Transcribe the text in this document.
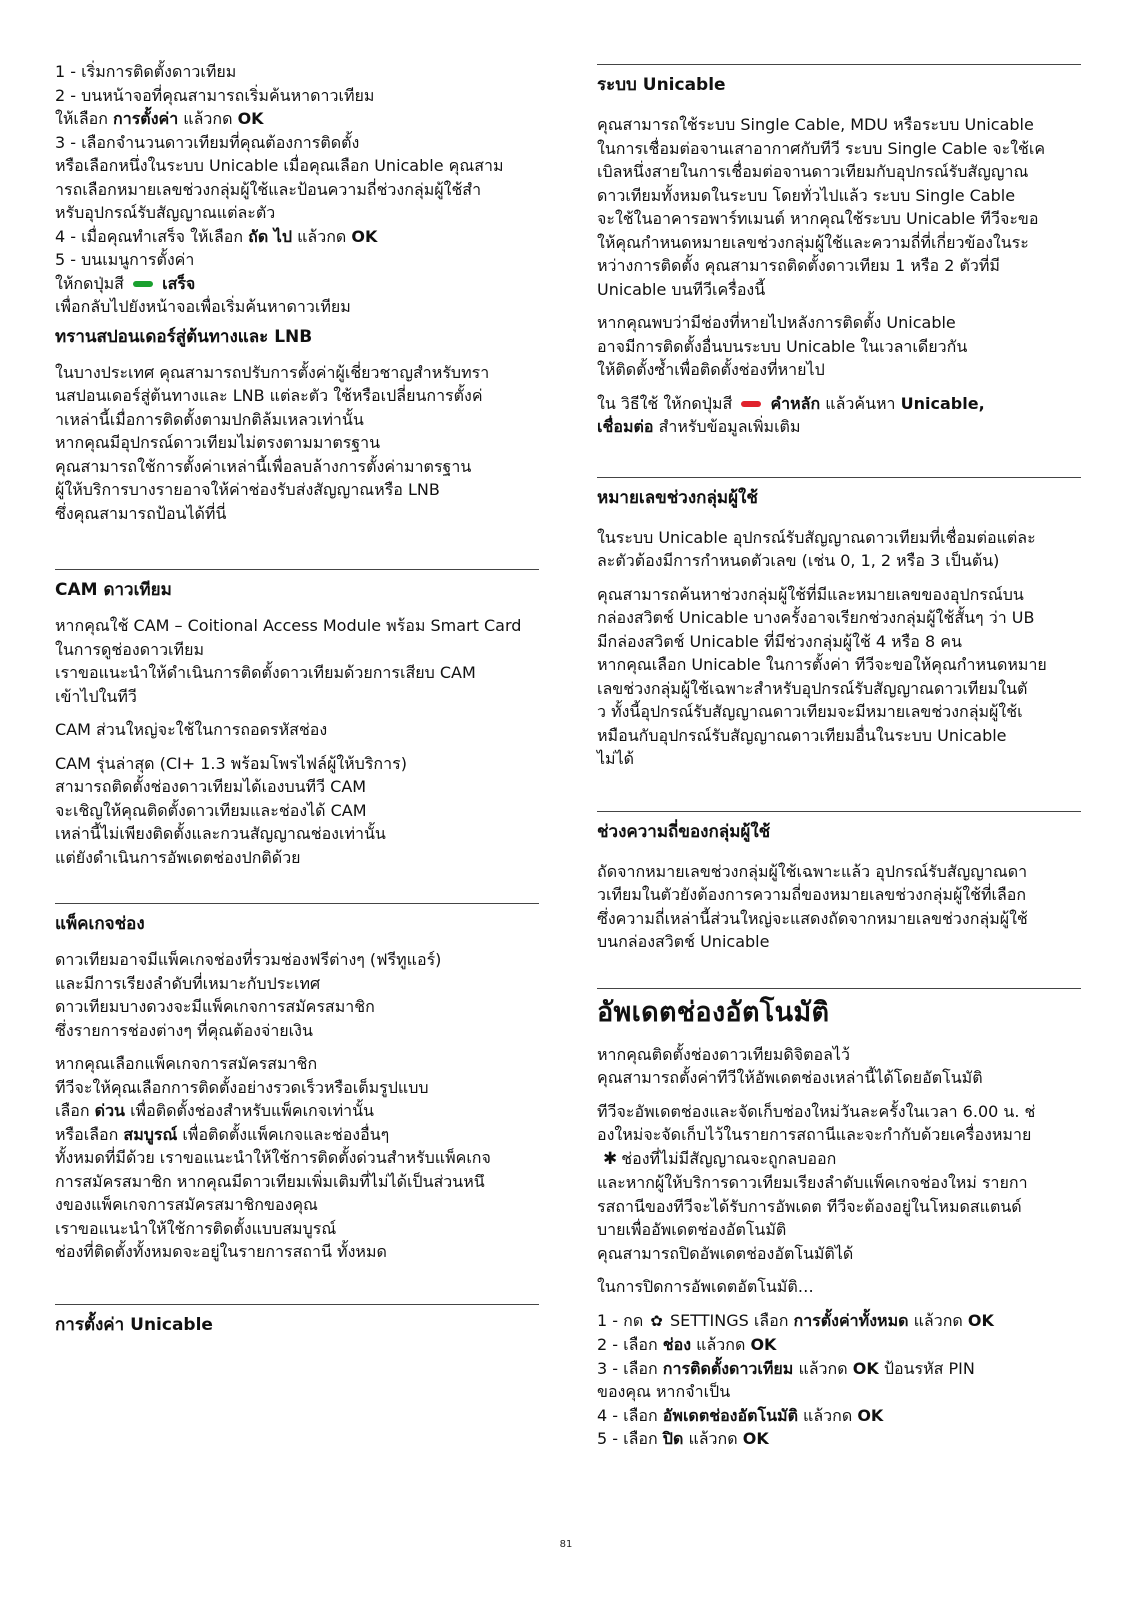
1 - เริ่มการติดตั้งดาวเทียม
2 - บนหน้าจอที่คุณสามารถเริ่มค้นหาดาวเทียม
ให้เลือก การตั้งค่า แล้วกด OK
3 - เลือกจำนวนดาวเทียมที่คุณต้องการติดตั้ง
หรือเลือกหนึ่งในระบบ Unicable เมื่อคุณเลือก Unicable คุณสาม
ารถเลือกหมายเลขช่วงกลุ่มผู้ใช้และป้อนความถี่ช่วงกลุ่มผู้ใช้สำ
หรับอุปกรณ์รับสัญญาณแต่ละตัว
4 - เมื่อคุณทำเสร็จ ให้เลือก ถัด ไป แล้วกด OK
5 - บนเมนูการตั้งค่า
ให้กดปุ่มสี เสร็จ
เพื่อกลับไปยังหน้าจอเพื่อเริ่มค้นหาดาวเทียม
ทรานสปอนเดอร์สู่ต้นทางและ LNB
ในบางประเทศ คุณสามารถปรับการตั้งค่าผู้เชี่ยวชาญสำหรับทรา
นสปอนเดอร์สู่ต้นทางและ LNB แต่ละตัว ใช้หรือเปลี่ยนการตั้งค่
าเหล่านี้เมื่อการติดตั้งตามปกติล้มเหลวเท่านั้น
หากคุณมีอุปกรณ์ดาวเทียมไม่ตรงตามมาตรฐาน
คุณสามารถใช้การตั้งค่าเหล่านี้เพื่อลบล้างการตั้งค่ามาตรฐาน
ผู้ให้บริการบางรายอาจให้ค่าช่องรับส่งสัญญาณหรือ LNB
ซึ่งคุณสามารถป้อนได้ที่นี่
CAM ดาวเทียม

หากคุณใช้ CAM – Coitional Access Module พร้อม Smart Card
ในการดูช่องดาวเทียม
เราขอแนะนำให้ดำเนินการติดตั้งดาวเทียมด้วยการเสียบ CAM
เข้าไปในทีวี

CAM ส่วนใหญ่จะใช้ในการถอดรหัสช่อง

CAM รุ่นล่าสุด (CI+ 1.3 พร้อมโพรไฟล์ผู้ให้บริการ)
สามารถติดตั้งช่องดาวเทียมได้เองบนทีวี CAM
จะเชิญให้คุณติดตั้งดาวเทียมและช่องได้ CAM
เหล่านี้ไม่เพียงติดตั้งและกวนสัญญาณช่องเท่านั้น
แต่ยังดำเนินการอัพเดตช่องปกติด้วย

แพ็คเกจช่อง

ดาวเทียมอาจมีแพ็คเกจช่องที่รวมช่องฟรีต่างๆ (ฟรีทูแอร์)
และมีการเรียงลำดับที่เหมาะกับประเทศ
ดาวเทียมบางดวงจะมีแพ็คเกจการสมัครสมาชิก
ซึ่งรายการช่องต่างๆ ที่คุณต้องจ่ายเงิน

หากคุณเลือกแพ็คเกจการสมัครสมาชิก
ทีวีจะให้คุณเลือกการติดตั้งอย่างรวดเร็วหรือเต็มรูปแบบ
เลือก ด่วน เพื่อติดตั้งช่องสำหรับแพ็คเกจเท่านั้น
หรือเลือก สมบูรณ์ เพื่อติดตั้งแพ็คเกจและช่องอื่นๆ
ทั้งหมดที่มีด้วย เราขอแนะนำให้ใช้การติดตั้งด่วนสำหรับแพ็คเกจ
การสมัครสมาชิก หากคุณมีดาวเทียมเพิ่มเติมที่ไม่ได้เป็นส่วนหนึ
งของแพ็คเกจการสมัครสมาชิกของคุณ
เราขอแนะนำให้ใช้การติดตั้งแบบสมบูรณ์
ช่องที่ติดตั้งทั้งหมดจะอยู่ในรายการสถานี ทั้งหมด

การตั้งค่า Unicable
ระบบ Unicable

คุณสามารถใช้ระบบ Single Cable, MDU หรือระบบ Unicable
ในการเชื่อมต่อจานเสาอากาศกับทีวี ระบบ Single Cable จะใช้เค
เบิลหนึ่งสายในการเชื่อมต่อจานดาวเทียมกับอุปกรณ์รับสัญญาณ
ดาวเทียมทั้งหมดในระบบ โดยทั่วไปแล้ว ระบบ Single Cable
จะใช้ในอาคารอพาร์ทเมนต์ หากคุณใช้ระบบ Unicable ทีวีจะขอ
ให้คุณกำหนดหมายเลขช่วงกลุ่มผู้ใช้และความถี่ที่เกี่ยวข้องในระ
หว่างการติดตั้ง คุณสามารถติดตั้งดาวเทียม 1 หรือ 2 ตัวที่มี
Unicable บนทีวีเครื่องนี้

หากคุณพบว่ามีช่องที่หายไปหลังการติดตั้ง Unicable
อาจมีการติดตั้งอื่นบนระบบ Unicable ในเวลาเดียวกัน
ให้ติดตั้งซ้ำเพื่อติดตั้งช่องที่หายไป

ใน วิธีใช้ ให้กดปุ่มสี คำหลัก แล้วค้นหา Unicable,
เชื่อมต่อ สำหรับข้อมูลเพิ่มเติม

หมายเลขช่วงกลุ่มผู้ใช้

ในระบบ Unicable อุปกรณ์รับสัญญาณดาวเทียมที่เชื่อมต่อแต่ละ
ละตัวต้องมีการกำหนดตัวเลข (เช่น 0, 1, 2 หรือ 3 เป็นต้น)

คุณสามารถค้นหาช่วงกลุ่มผู้ใช้ที่มีและหมายเลขของอุปกรณ์บน
กล่องสวิตช์ Unicable บางครั้งอาจเรียกช่วงกลุ่มผู้ใช้สั้นๆ ว่า UB
มีกล่องสวิตช์ Unicable ที่มีช่วงกลุ่มผู้ใช้ 4 หรือ 8 คน
หากคุณเลือก Unicable ในการตั้งค่า ทีวีจะขอให้คุณกำหนดหมาย
เลขช่วงกลุ่มผู้ใช้เฉพาะสำหรับอุปกรณ์รับสัญญาณดาวเทียมในตั
ว ทั้งนี้อุปกรณ์รับสัญญาณดาวเทียมจะมีหมายเลขช่วงกลุ่มผู้ใช้เ
หมือนกับอุปกรณ์รับสัญญาณดาวเทียมอื่นในระบบ Unicable
ไม่ได้

ช่วงความถี่ของกลุ่มผู้ใช้

ถัดจากหมายเลขช่วงกลุ่มผู้ใช้เฉพาะแล้ว อุปกรณ์รับสัญญาณดา
วเทียมในตัวยังต้องการความถี่ของหมายเลขช่วงกลุ่มผู้ใช้ที่เลือก
ซึ่งความถี่เหล่านี้ส่วนใหญ่จะแสดงถัดจากหมายเลขช่วงกลุ่มผู้ใช้
บนกล่องสวิตช์ Unicable

อัพเดตช่องอัตโนมัติ

หากคุณติดตั้งช่องดาวเทียมดิจิตอลไว้
คุณสามารถตั้งค่าทีวีให้อัพเดตช่องเหล่านี้ได้โดยอัตโนมัติ

ทีวีจะอัพเดตช่องและจัดเก็บช่องใหม่วันละครั้งในเวลา 6.00 น. ช่
องใหม่จะจัดเก็บไว้ในรายการสถานีและจะกำกับด้วยเครื่องหมาย
✱ ช่องที่ไม่มีสัญญาณจะถูกลบออก
และหากผู้ให้บริการดาวเทียมเรียงลำดับแพ็คเกจช่องใหม่ รายกา
รสถานีของทีวีจะได้รับการอัพเดต ทีวีจะต้องอยู่ในโหมดสแตนด์
บายเพื่ออัพเดตช่องอัตโนมัติ
คุณสามารถปิดอัพเดตช่องอัตโนมัติได้

ในการปิดการอัพเดตอัตโนมัติ…

1 - กด ✿ SETTINGS เลือก การตั้งค่าทั้งหมด แล้วกด OK
2 - เลือก ช่อง แล้วกด OK
3 - เลือก การติดตั้งดาวเทียม แล้วกด OK ป้อนรหัส PIN
ของคุณ หากจำเป็น
4 - เลือก อัพเดตช่องอัตโนมัติ แล้วกด OK
5 - เลือก ปิด แล้วกด OK
81
